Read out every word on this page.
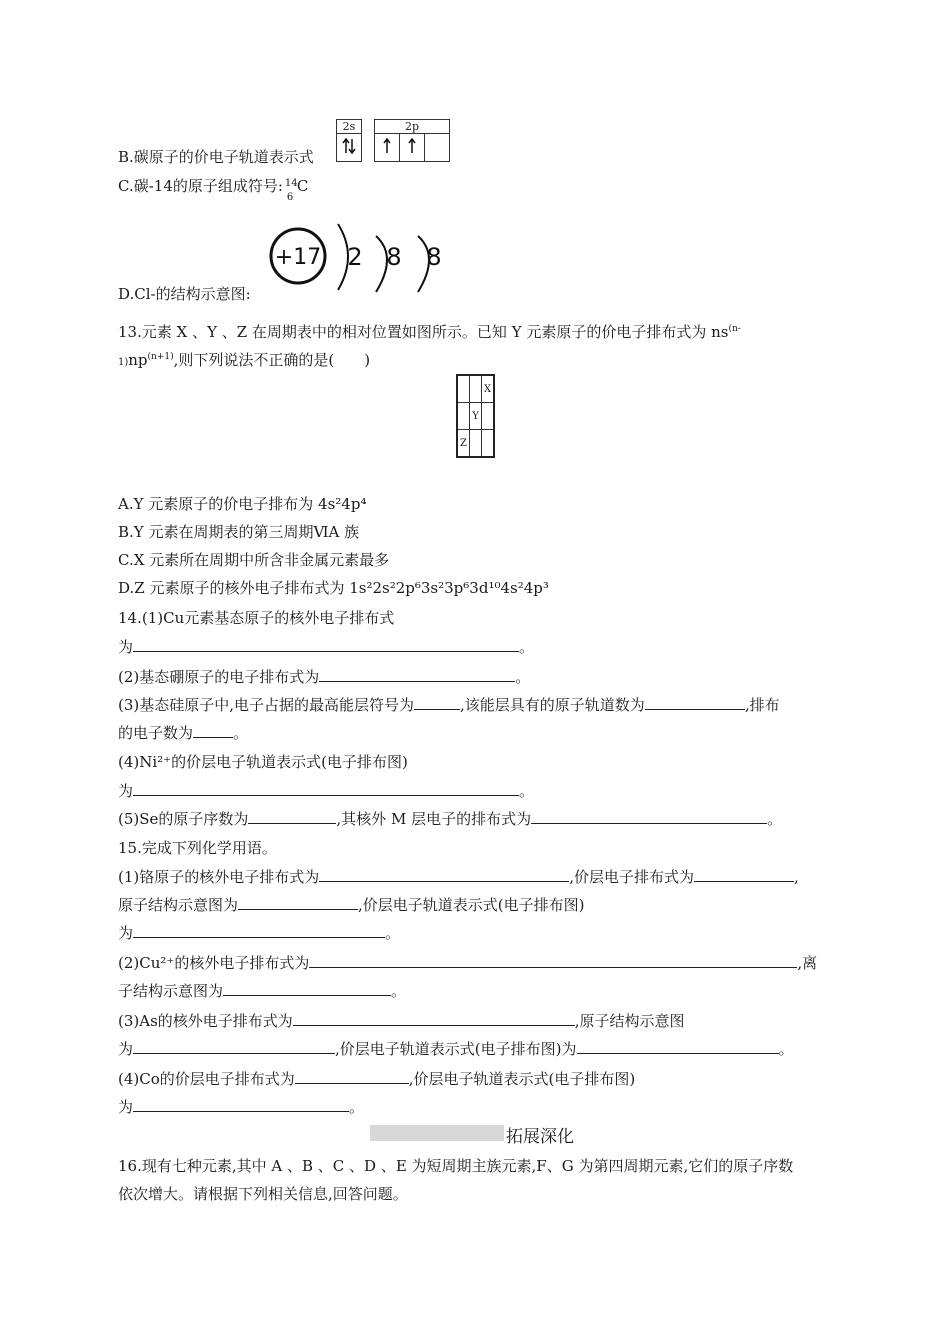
B.碳原子的价电子轨道表示式
2s		2p		

C.碳-14的原子组成符号: 14
6
C
+17 2 8 8
D.Cl-的结构示意图:
13.元素 X 、Y 、Z 在周期表中的相对位置如图所示。已知 Y 元素原子的价电子排布式为 $ns^{(n-}$
$1)np^{(n+1)}$,则下列说法不正确的是(　　)
		X
	Y	
Z		
A.Y 元素原子的价电子排布为 4s²4p⁴
B.Y 元素在周期表的第三周期ⅥA 族
C.X 元素所在周期中所含非金属元素最多
D.Z 元素原子的核外电子排布式为 1s²2s²2p⁶3s²3p⁶3d¹⁰4s²4p³
14.(1)Cu元素基态原子的核外电子排布式
为	。
(2)基态硼原子的电子排布式为	。
(3)基态硅原子中,电子占据的最高能层符号为	,该能层具有的原子轨道数为	,排布
的电子数为	。
(4)Ni²⁺的价层电子轨道表示式(电子排布图)
为	。
(5)Se的原子序数为	,其核外 M 层电子的排布式为	。
15.完成下列化学用语。
(1)铬原子的核外电子排布式为	,价层电子排布式为	,
原子结构示意图为	,价层电子轨道表示式(电子排布图)
为	。
(2)Cu²⁺的核外电子排布式为	,离
子结构示意图为	。
(3)As的核外电子排布式为	,原子结构示意图
为	,价层电子轨道表示式(电子排布图)为	。
(4)Co的价层电子排布式为	,价层电子轨道表示式(电子排布图)
为	。
拓展深化
16.现有七种元素,其中 A 、B 、C 、D 、E 为短周期主族元素,F、G 为第四周期元素,它们的原子序数
依次增大。请根据下列相关信息,回答问题。
